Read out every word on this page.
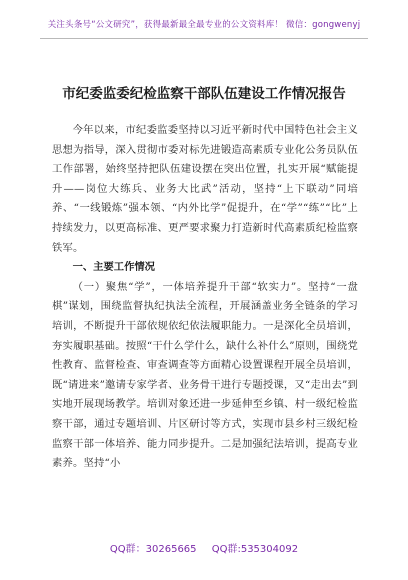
关注头条号“公文研究”，获得最新最全最专业的公文资料库！ 微信：gongwenyj
市纪委监委纪检监察干部队伍建设工作情况报告

今年以来，市纪委监委坚持以习近平新时代中国特色社会主义思想为指导，深入贯彻市委对标先进锻造高素质专业化公务员队伍工作部署，始终坚持把队伍建设摆在突出位置，扎实开展“赋能提升——岗位大练兵、业务大比武”活动，坚持“上下联动”同培养、“一线锻炼”强本领、“内外比学”促提升，在“学”“练”“比”上持续发力，以更高标准、更严要求聚力打造新时代高素质纪检监察铁军。

一、主要工作情况

（一）聚焦“学”，一体培养提升干部“软实力”。坚持“一盘棋”谋划，围绕监督执纪执法全流程，开展涵盖业务全链条的学习培训，不断提升干部依规依纪依法履职能力。一是深化全员培训，夯实履职基础。按照“干什么学什么，缺什么补什么”原则，围绕党性教育、监督检查、审查调查等方面精心设置课程开展全员培训，既“请进来”邀请专家学者、业务骨干进行专题授课，又“走出去”到实地开展现场教学。培训对象还进一步延伸至乡镇、村一级纪检监察干部，通过专题培训、片区研讨等方式，实现市县乡村三级纪检监察干部一体培养、能力同步提升。二是加强纪法培训，提高专业素养。坚持“小

QQ群：30265665 QQ群:535304092
